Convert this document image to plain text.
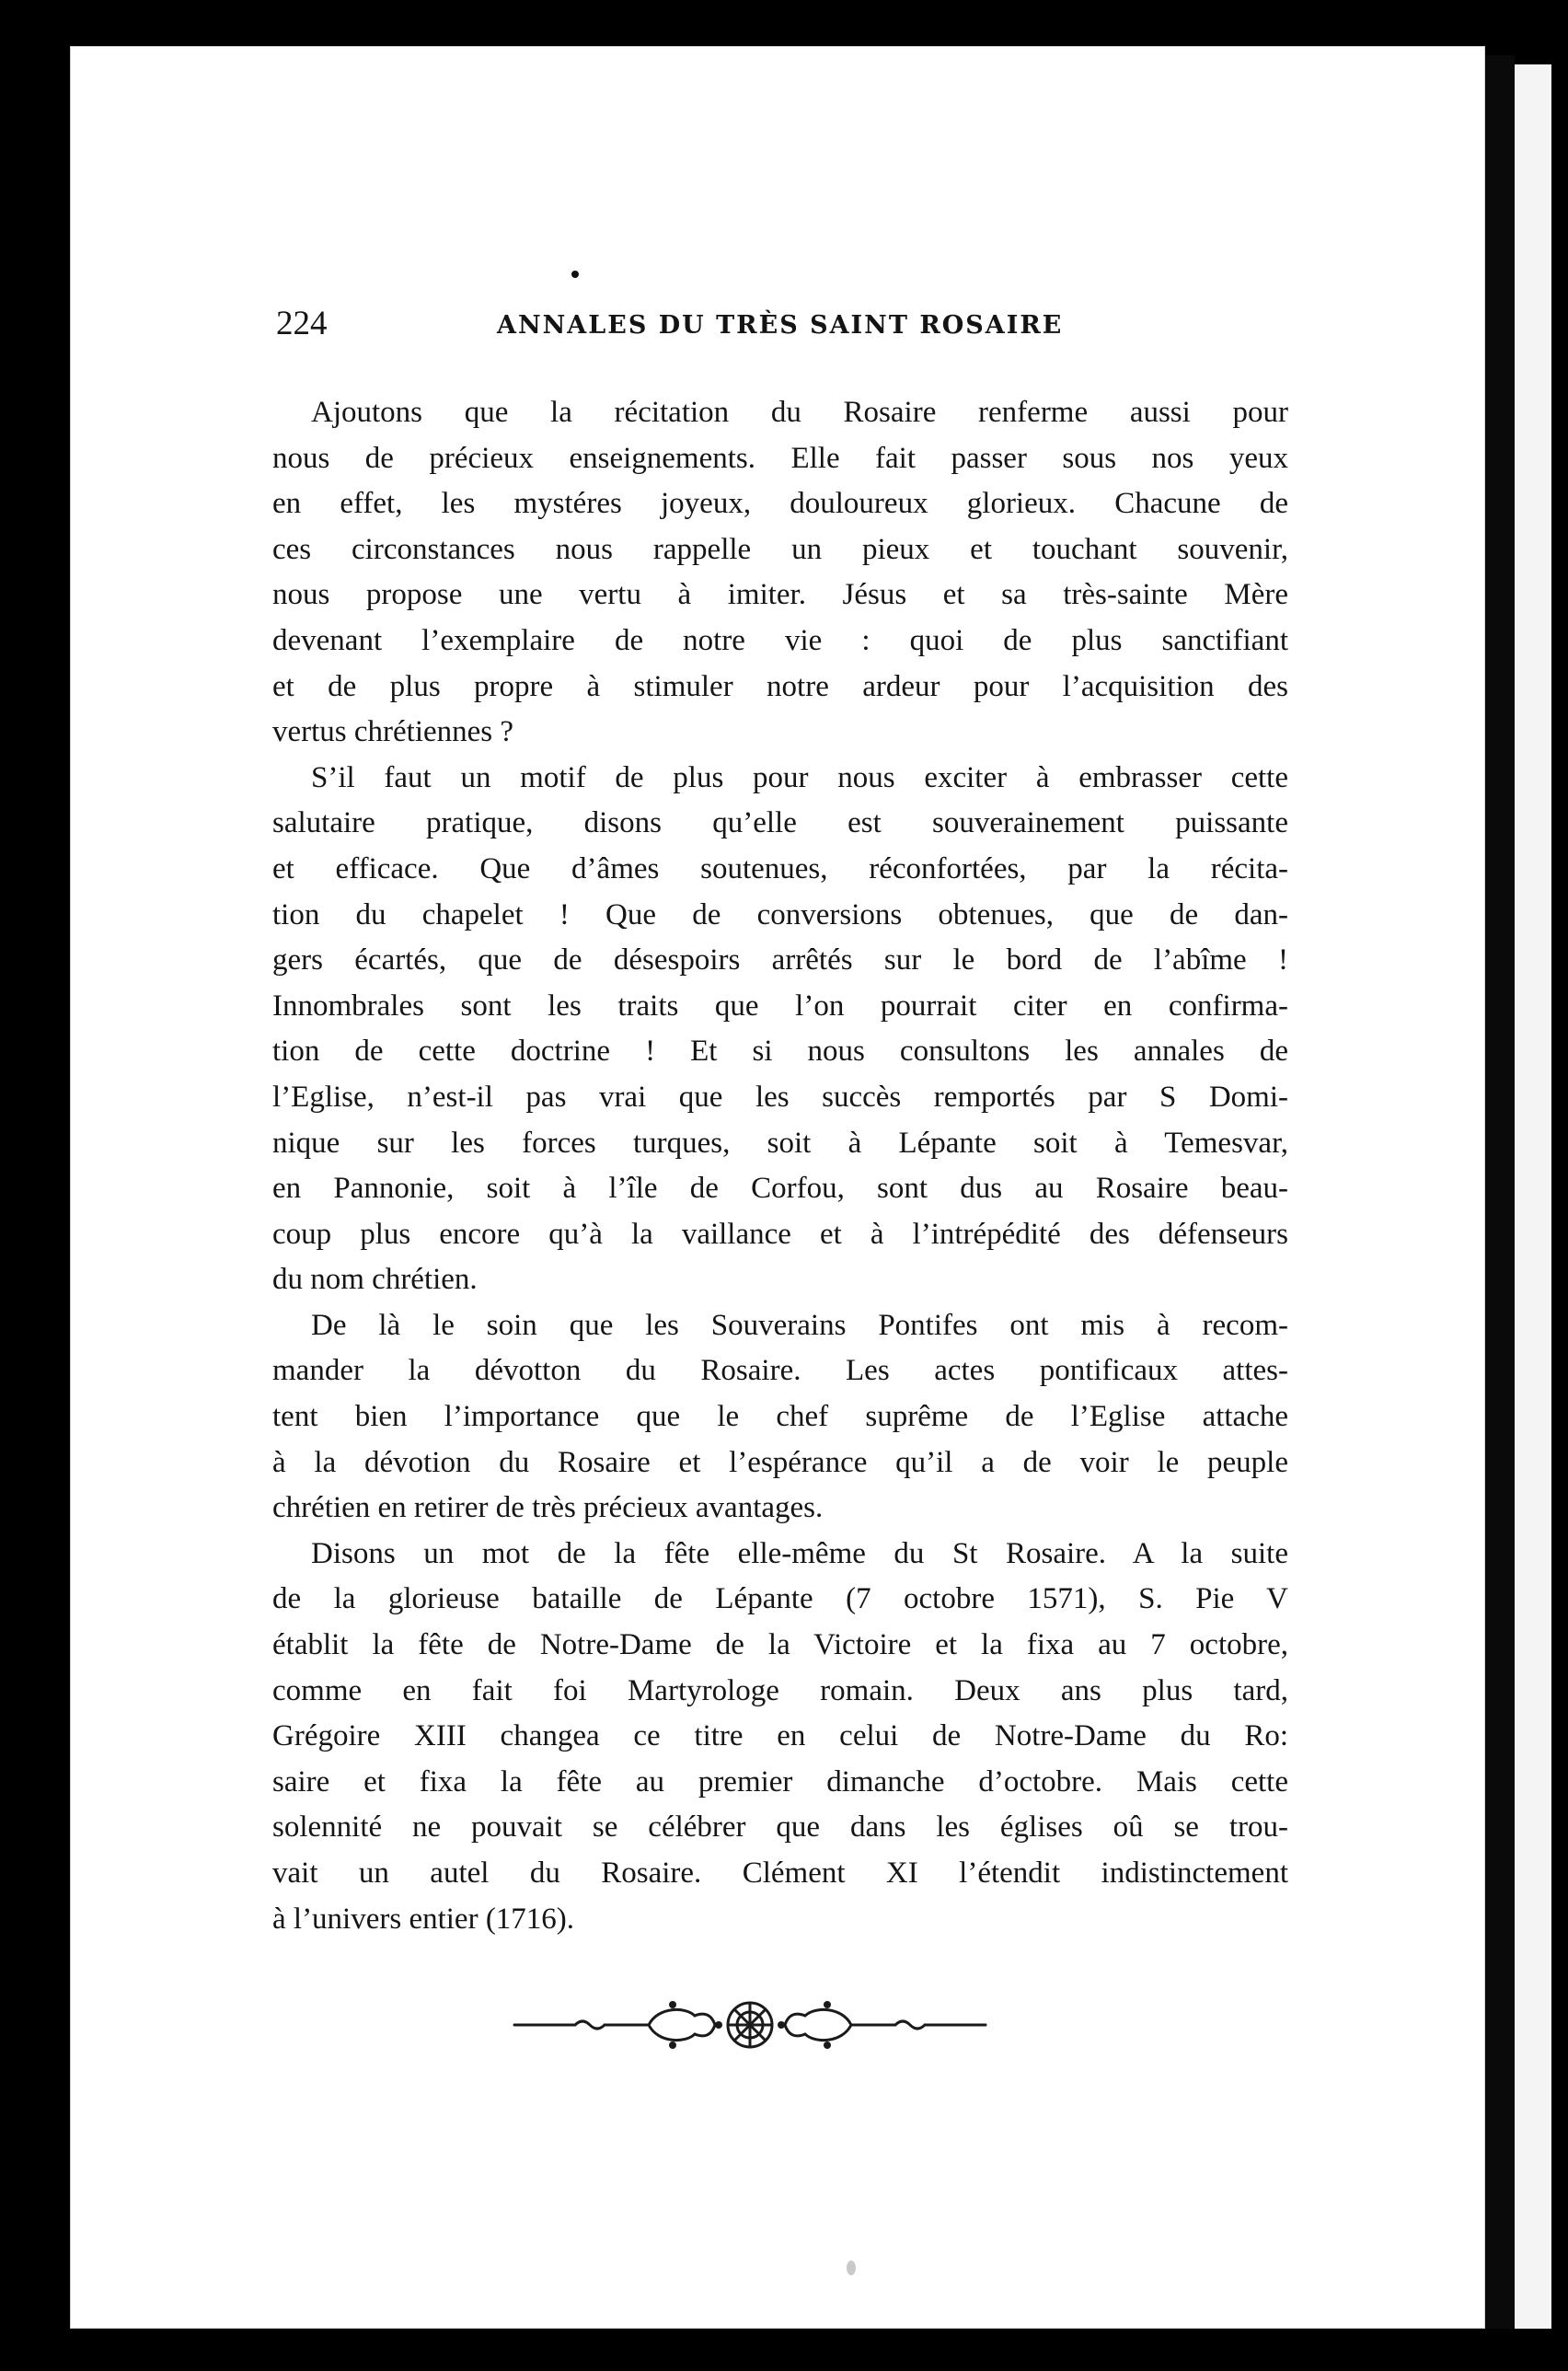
224	ANNALES DU TRÈS SAINT ROSAIRE
Ajoutons que la récitation du Rosaire renferme aussi pour
nous de précieux enseignements. Elle fait passer sous nos yeux
en effet, les mystéres joyeux, douloureux glorieux. Chacune de
ces circonstances nous rappelle un pieux et touchant souvenir,
nous propose une vertu à imiter. Jésus et sa très-sainte Mère
devenant l’exemplaire de notre vie : quoi de plus sanctifiant
et de plus propre à stimuler notre ardeur pour l’acquisition des
vertus chrétiennes ?
S’il faut un motif de plus pour nous exciter à embrasser cette
salutaire pratique, disons qu’elle est souverainement puissante
et efficace. Que d’âmes soutenues, réconfortées, par la récita-
tion du chapelet ! Que de conversions obtenues, que de dan-
gers écartés, que de désespoirs arrêtés sur le bord de l’abîme !
Innombrales sont les traits que l’on pourrait citer en confirma-
tion de cette doctrine ! Et si nous consultons les annales de
l’Eglise, n’est-il pas vrai que les succès remportés par S Domi-
nique sur les forces turques, soit à Lépante soit à Temesvar,
en Pannonie, soit à l’île de Corfou, sont dus au Rosaire beau-
coup plus encore qu’à la vaillance et à l’intrépédité des défenseurs
du nom chrétien.
De là le soin que les Souverains Pontifes ont mis à recom-
mander la dévotton du Rosaire. Les actes pontificaux attes-
tent bien l’importance que le chef suprême de l’Eglise attache
à la dévotion du Rosaire et l’espérance qu’il a de voir le peuple
chrétien en retirer de très précieux avantages.
Disons un mot de la fête elle-même du St Rosaire. A la suite
de la glorieuse bataille de Lépante (7 octobre 1571), S. Pie V
établit la fête de Notre-Dame de la Victoire et la fixa au 7 octobre,
comme en fait foi Martyrologe romain. Deux ans plus tard,
Grégoire XIII changea ce titre en celui de Notre-Dame du Ro:
saire et fixa la fête au premier dimanche d’octobre. Mais cette
solennité ne pouvait se célébrer que dans les églises oû se trou-
vait un autel du Rosaire. Clément XI l’étendit indistinctement
à l’univers entier (1716).
